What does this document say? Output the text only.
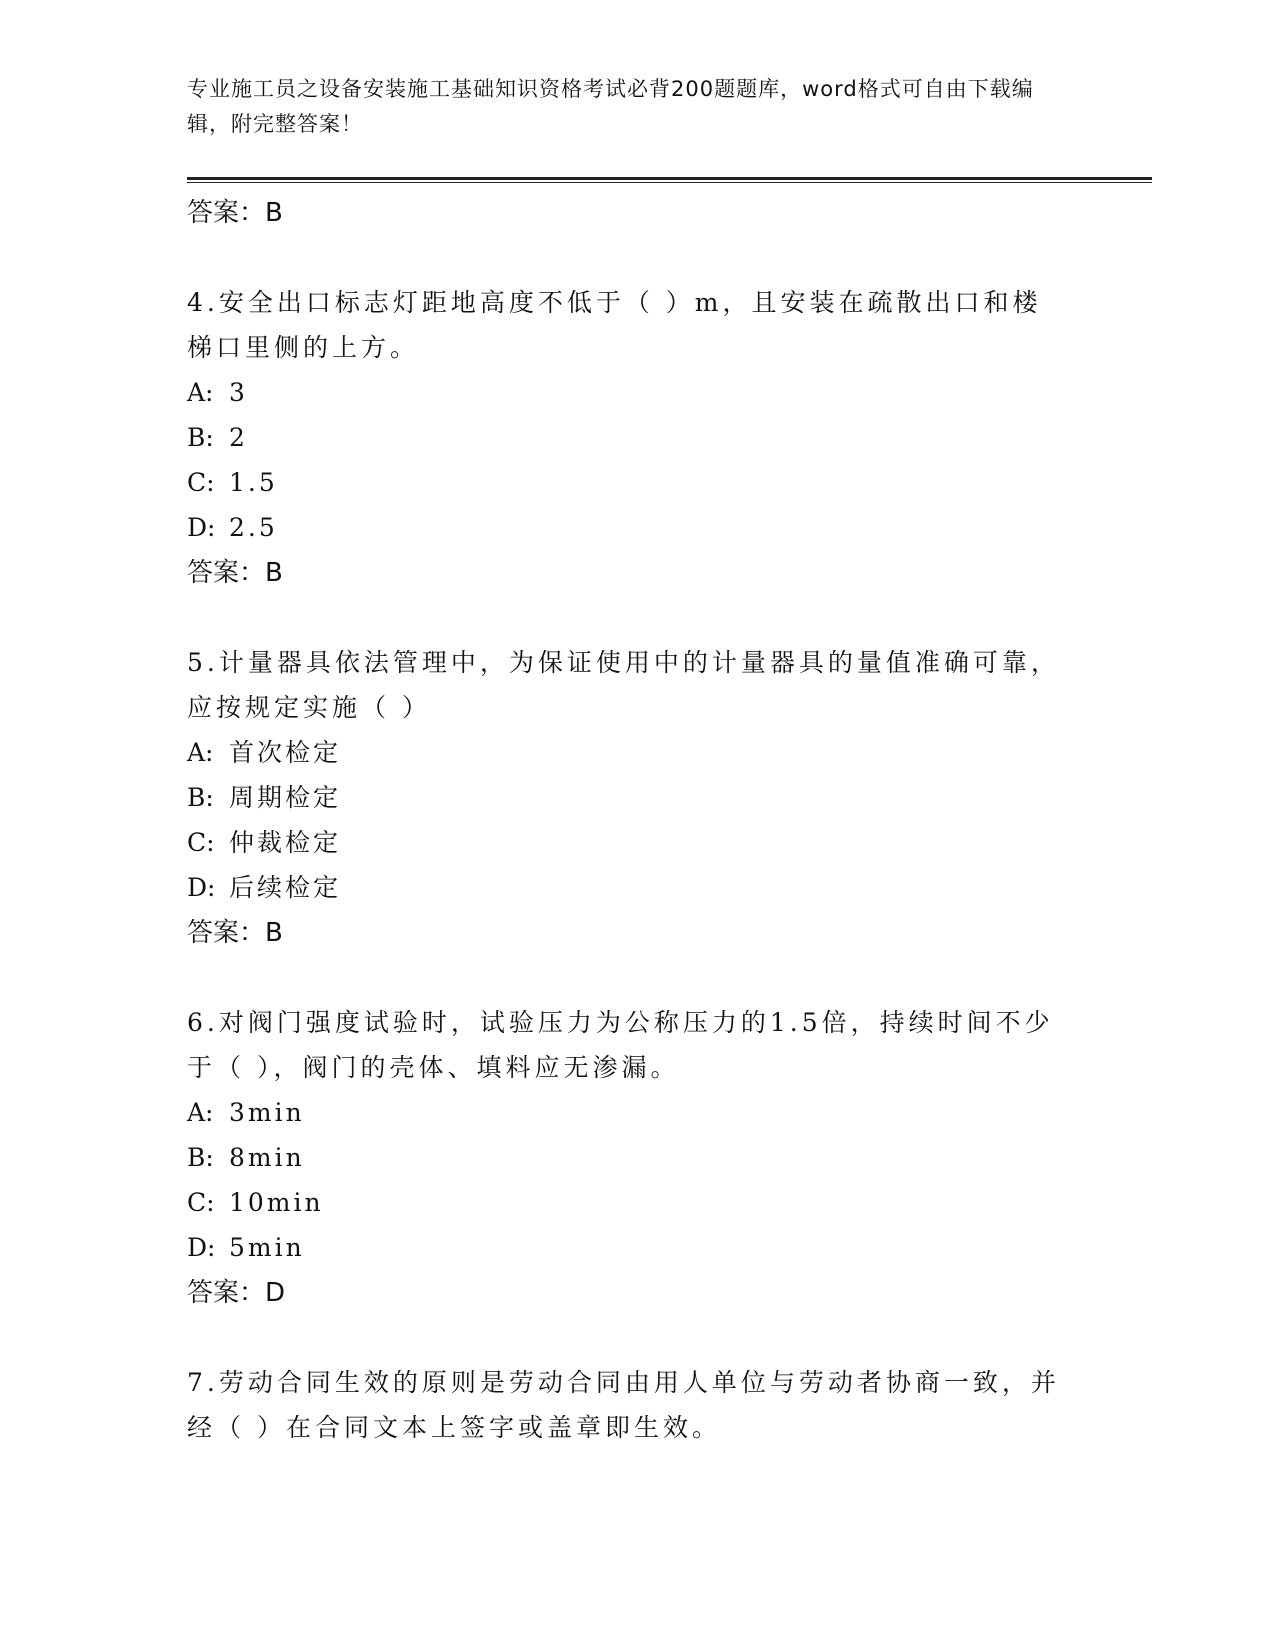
专业施工员之设备安装施工基础知识资格考试必背200题题库，word格式可自由下载编辑，附完整答案！

答案：B

4.安全出口标志灯距地高度不低于（ ）m，且安装在疏散出口和楼梯口里侧的上方。

A: 3

B: 2

C: 1.5

D: 2.5

答案：B

5.计量器具依法管理中，为保证使用中的计量器具的量值准确可靠，应按规定实施（ ）

A: 首次检定

B: 周期检定

C: 仲裁检定

D: 后续检定

答案：B

6.对阀门强度试验时，试验压力为公称压力的1.5倍，持续时间不少于（ ），阀门的壳体、填料应无渗漏。

A: 3min

B: 8min

C: 10min

D: 5min

答案：D

7.劳动合同生效的原则是劳动合同由用人单位与劳动者协商一致，并经（ ）在合同文本上签字或盖章即生效。
